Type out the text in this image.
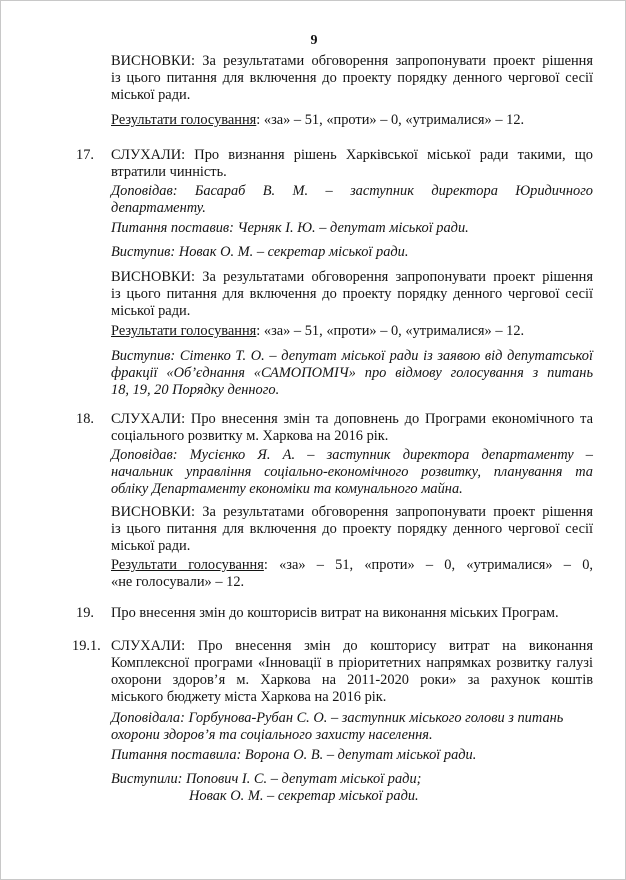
9
ВИСНОВКИ: За результатами обговорення запропонувати проект рішення
із цього питання для включення до проекту порядку денного чергової сесії
міської ради.
Результати голосування: «за» – 51, «проти» – 0, «утрималися» – 12.
17. СЛУХАЛИ: Про визнання рішень Харківської міської ради такими, що
втратили чинність.
Доповідав: Басараб В. М. – заступник директора Юридичного
департаменту.
Питання поставив: Черняк І. Ю. – депутат міської ради.
Виступив: Новак О. М. – секретар міської ради.
ВИСНОВКИ: За результатами обговорення запропонувати проект рішення
із цього питання для включення до проекту порядку денного чергової сесії
міської ради.
Результати голосування: «за» – 51, «проти» – 0, «утрималися» – 12.
Виступив: Сітенко Т. О. – депутат міської ради із заявою від депутатської
фракції «Об’єднання «САМОПОМІЧ» про відмову голосування з питань
18, 19, 20 Порядку денного.
18. СЛУХАЛИ: Про внесення змін та доповнень до Програми економічного та
соціального розвитку м. Харкова на 2016 рік.
Доповідав: Мусієнко Я. А. – заступник директора департаменту –
начальник управління соціально-економічного розвитку, планування та
обліку Департаменту економіки та комунального майна.
ВИСНОВКИ: За результатами обговорення запропонувати проект рішення
із цього питання для включення до проекту порядку денного чергової сесії
міської ради.
Результати голосування: «за» – 51, «проти» – 0, «утрималися» – 0,
«не голосували» – 12.
19. Про внесення змін до кошторисів витрат на виконання міських Програм.
19.1. СЛУХАЛИ: Про внесення змін до кошторису витрат на виконання
Комплексної програми «Інновації в пріоритетних напрямках розвитку галузі
охорони здоров’я м. Харкова на 2011-2020 роки» за рахунок коштів
міського бюджету міста Харкова на 2016 рік.
Доповідала: Горбунова-Рубан С. О. – заступник міського голови з питань
охорони здоров’я та соціального захисту населення.
Питання поставила: Ворона О. В. – депутат міської ради.
Виступили: Попович І. С. – депутат міської ради;
Новак О. М. – секретар міської ради.
